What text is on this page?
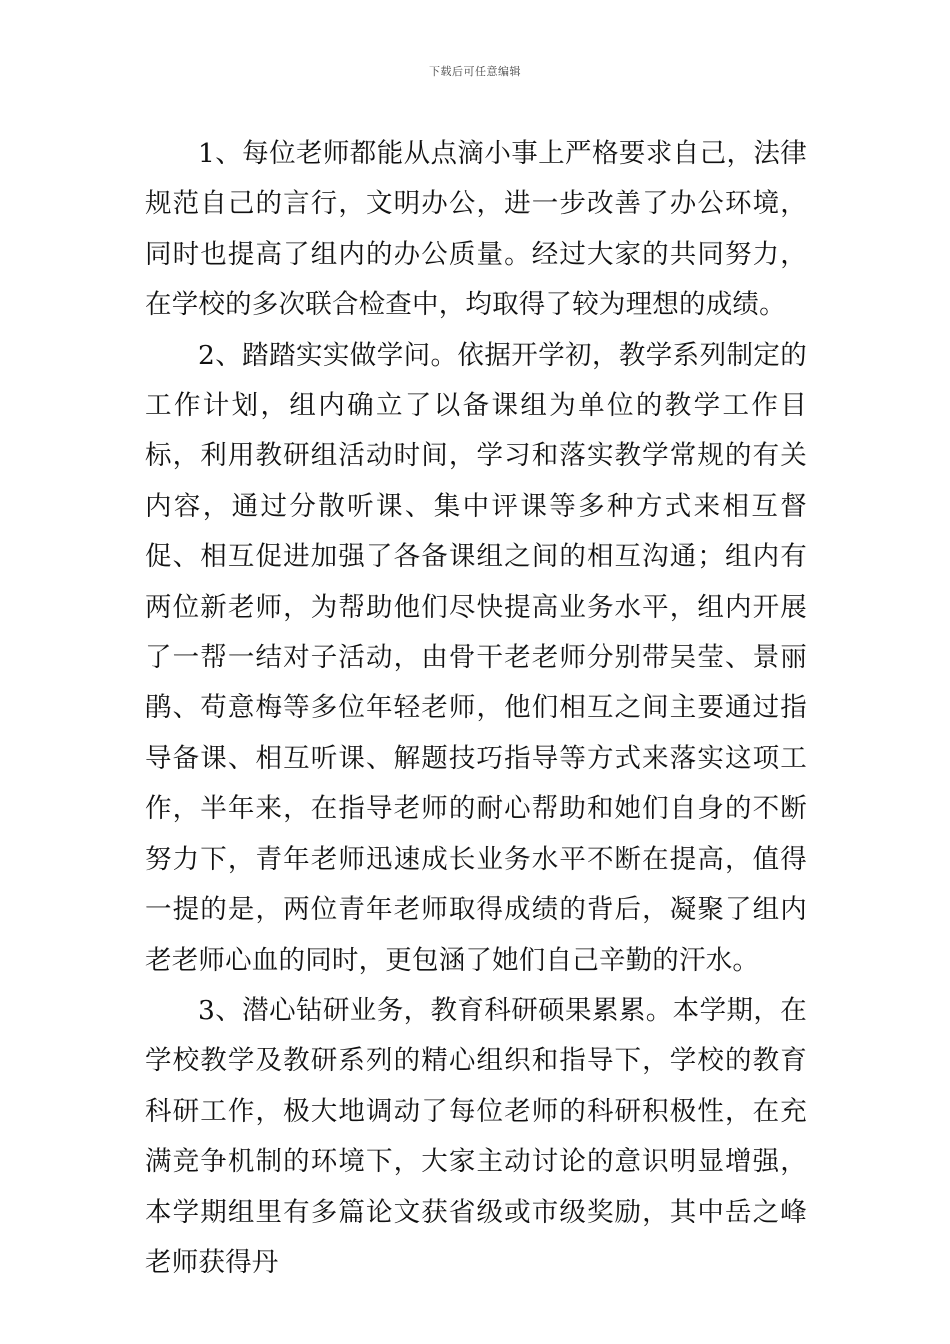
下载后可任意编辑

1、每位老师都能从点滴小事上严格要求自己，法律规范自己的言行，文明办公，进一步改善了办公环境，同时也提高了组内的办公质量。经过大家的共同努力，在学校的多次联合检查中，均取得了较为理想的成绩。

2、踏踏实实做学问。依据开学初，教学系列制定的工作计划，组内确立了以备课组为单位的教学工作目标，利用教研组活动时间，学习和落实教学常规的有关内容，通过分散听课、集中评课等多种方式来相互督促、相互促进加强了各备课组之间的相互沟通；组内有两位新老师，为帮助他们尽快提高业务水平，组内开展了一帮一结对子活动，由骨干老老师分别带吴莹、景丽鹃、苟意梅等多位年轻老师，他们相互之间主要通过指导备课、相互听课、解题技巧指导等方式来落实这项工作，半年来，在指导老师的耐心帮助和她们自身的不断努力下，青年老师迅速成长业务水平不断在提高，值得一提的是，两位青年老师取得成绩的背后，凝聚了组内老老师心血的同时，更包涵了她们自己辛勤的汗水。

3、潜心钻研业务，教育科研硕果累累。本学期，在学校教学及教研系列的精心组织和指导下，学校的教育科研工作，极大地调动了每位老师的科研积极性，在充满竞争机制的环境下，大家主动讨论的意识明显增强，本学期组里有多篇论文获省级或市级奖励，其中岳之峰老师获得丹
